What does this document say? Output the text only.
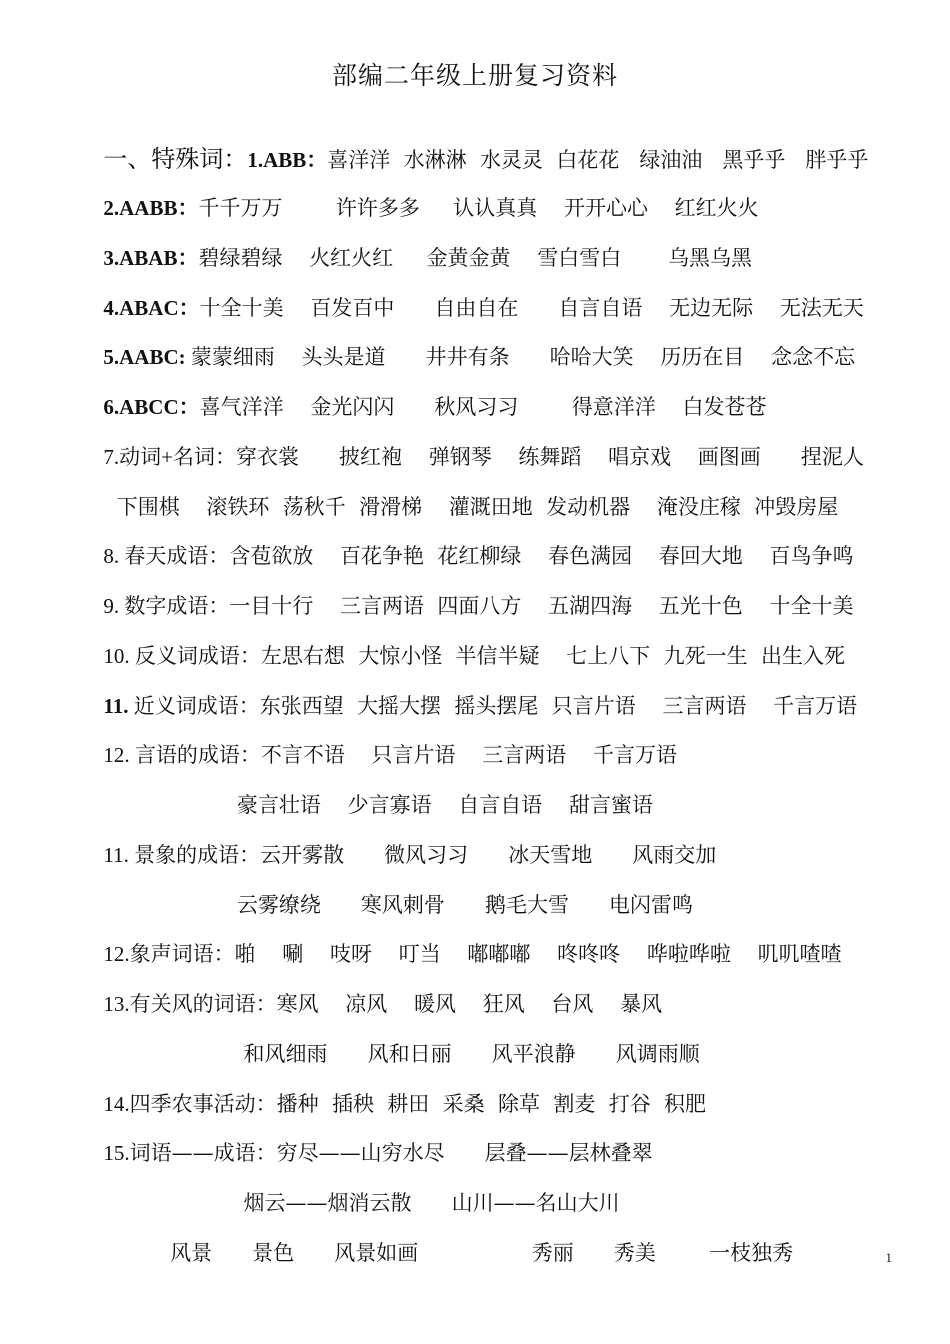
部编二年级上册复习资料

一、特殊词：1.ABB：喜洋洋  水淋淋  水灵灵  白花花   绿油油   黑乎乎   胖乎乎

2.AABB：千千万万        许许多多     认认真真    开开心心    红红火火

3.ABAB：碧绿碧绿    火红火红     金黄金黄    雪白雪白       乌黑乌黑

4.ABAC：十全十美    百发百中      自由自在      自言自语    无边无际    无法无天

5.AABC: 蒙蒙细雨    头头是道      井井有条      哈哈大笑    历历在目    念念不忘

6.ABCC：喜气洋洋    金光闪闪      秋风习习        得意洋洋    白发苍苍

7.动词+名词：穿衣裳      披红袍    弹钢琴    练舞蹈    唱京戏    画图画      捏泥人

下围棋    滚铁环  荡秋千  滑滑梯    灌溉田地  发动机器    淹没庄稼  冲毁房屋

8. 春天成语：含苞欲放    百花争艳  花红柳绿    春色满园    春回大地    百鸟争鸣

9. 数字成语：一目十行    三言两语  四面八方    五湖四海    五光十色    十全十美

10. 反义词成语：左思右想  大惊小怪  半信半疑    七上八下  九死一生  出生入死

11. 近义词成语：东张西望  大摇大摆  摇头摆尾  只言片语    三言两语    千言万语

12. 言语的成语：不言不语    只言片语    三言两语    千言万语

豪言壮语    少言寡语    自言自语    甜言蜜语

11. 景象的成语：云开雾散      微风习习      冰天雪地      风雨交加

云雾缭绕      寒风刺骨      鹅毛大雪      电闪雷鸣

12.象声词语：啪    唰    吱呀    叮当    嘟嘟嘟    咚咚咚    哗啦哗啦    叽叽喳喳

13.有关风的词语：寒风    凉风    暖风    狂风    台风    暴风

和风细雨      风和日丽      风平浪静      风调雨顺

14.四季农事活动：播种  插秧  耕田  采桑  除草  割麦  打谷  积肥

15.词语——成语：穷尽——山穷水尽      层叠——层林叠翠

烟云——烟消云散      山川——名山大川

风景      景色      风景如画                 秀丽      秀美        一枝独秀	1
